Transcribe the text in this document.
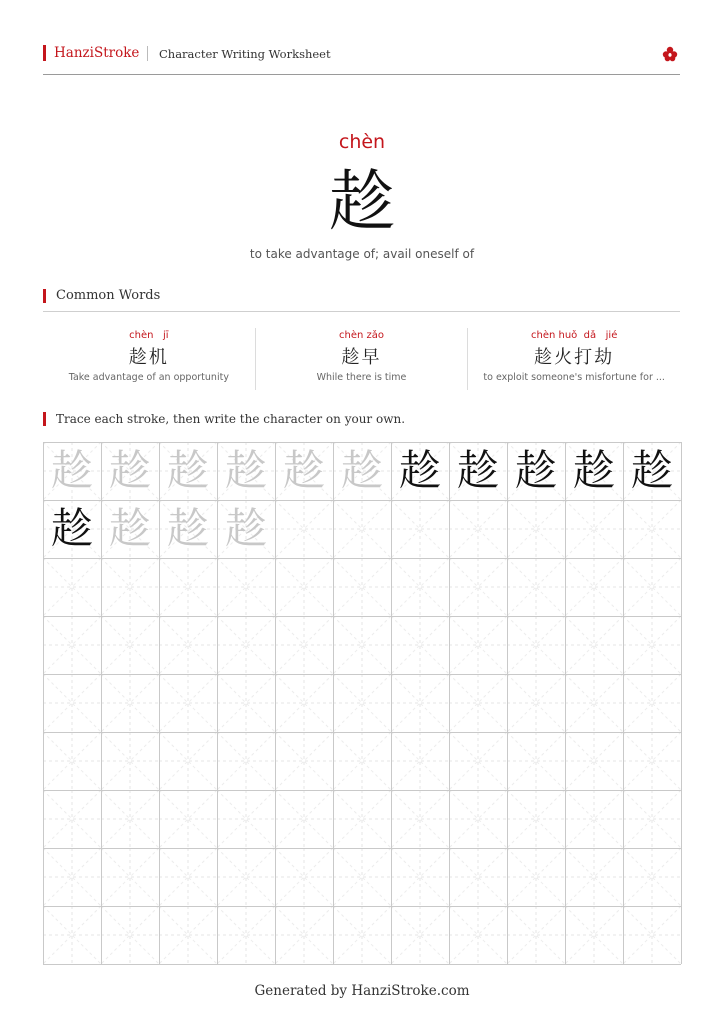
HanziStroke Character Writing Worksheet
chèn
趁
to take advantage of; avail oneself of
Common Words
chèn   jī
趁机
Take advantage of an opportunity
chèn zǎo
趁早
While there is time
chèn huǒ  dǎ   jié
趁火打劫
to exploit someone's misfortune for ...
Trace each stroke, then write the character on your own.
趁 趁 趁 趁 趁 趁 趁 趁 趁 趁 趁
趁 趁 趁 趁
Generated by HanziStroke.com
